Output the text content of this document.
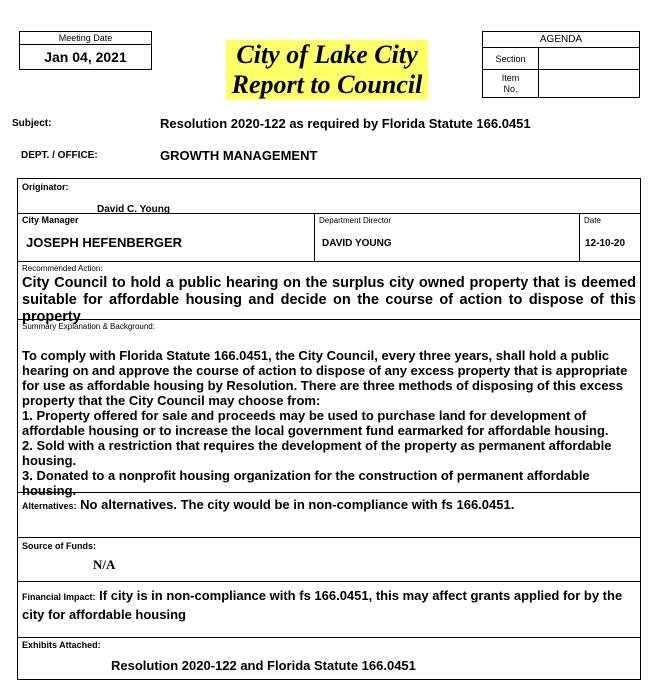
Meeting Date
Jan 04, 2021	City of Lake City
Report to Council
AGENDA	
Section	

Item
No.	

Subject:	Resolution 2020-122 as required by Florida Statute 166.0451
DEPT. / OFFICE:	GROWTH MANAGEMENT
Originator:
David C. Young
City Manager
JOSEPH HEFENBERGER
Department Director
DAVID YOUNG
Date
12-10-20
Recommended Action:
City Council to hold a public hearing on the surplus city owned property that is deemed suitable for affordable housing and decide on the course of action to dispose of this property
Summary Explanation & Background:
To comply with Florida Statute 166.0451, the City Council, every three years, shall hold a public hearing on and approve the course of action to dispose of any excess property that is appropriate for use as affordable housing by Resolution. There are three methods of disposing of this excess property that the City Council may choose from:
1. Property offered for sale and proceeds may be used to purchase land for development of affordable housing or to increase the local government fund earmarked for affordable housing.
2. Sold with a restriction that requires the development of the property as permanent affordable housing.
3. Donated to a nonprofit housing organization for the construction of permanent affordable housing.
Alternatives: No alternatives. The city would be in non-compliance with fs 166.0451.
Source of Funds:
N/A
Financial Impact: If city is in non-compliance with fs 166.0451, this may affect grants applied for by the city for affordable housing
Exhibits Attached:
Resolution 2020-122 and Florida Statute 166.0451
